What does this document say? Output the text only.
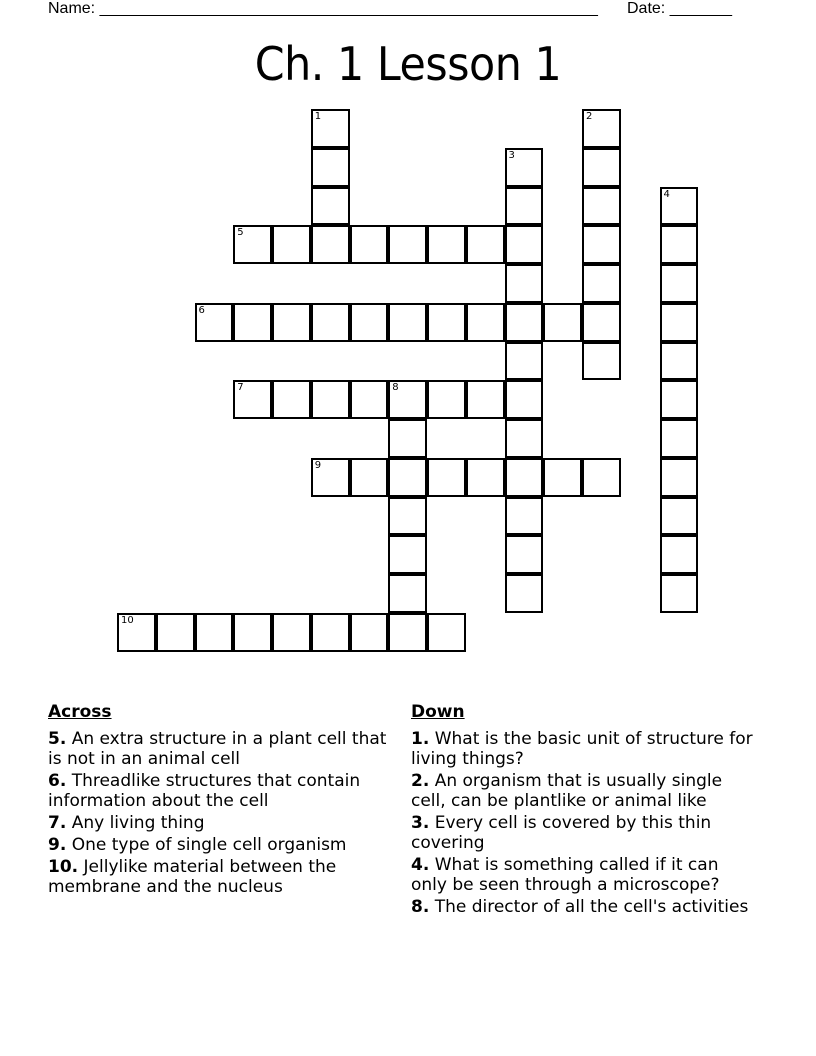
Name: ________________________________________________________ Date: _______
Ch. 1 Lesson 1
1	2
3
4
5
6
7	8
9
10
Across
5. An extra structure in a plant cell that is not in an animal cell
6. Threadlike structures that contain information about the cell
7. Any living thing
9. One type of single cell organism
10. Jellylike material between the membrane and the nucleus
Down
1. What is the basic unit of structure for living things?
2. An organism that is usually single cell, can be plantlike or animal like
3. Every cell is covered by this thin covering
4. What is something called if it can only be seen through a microscope?
8. The director of all the cell's activities
